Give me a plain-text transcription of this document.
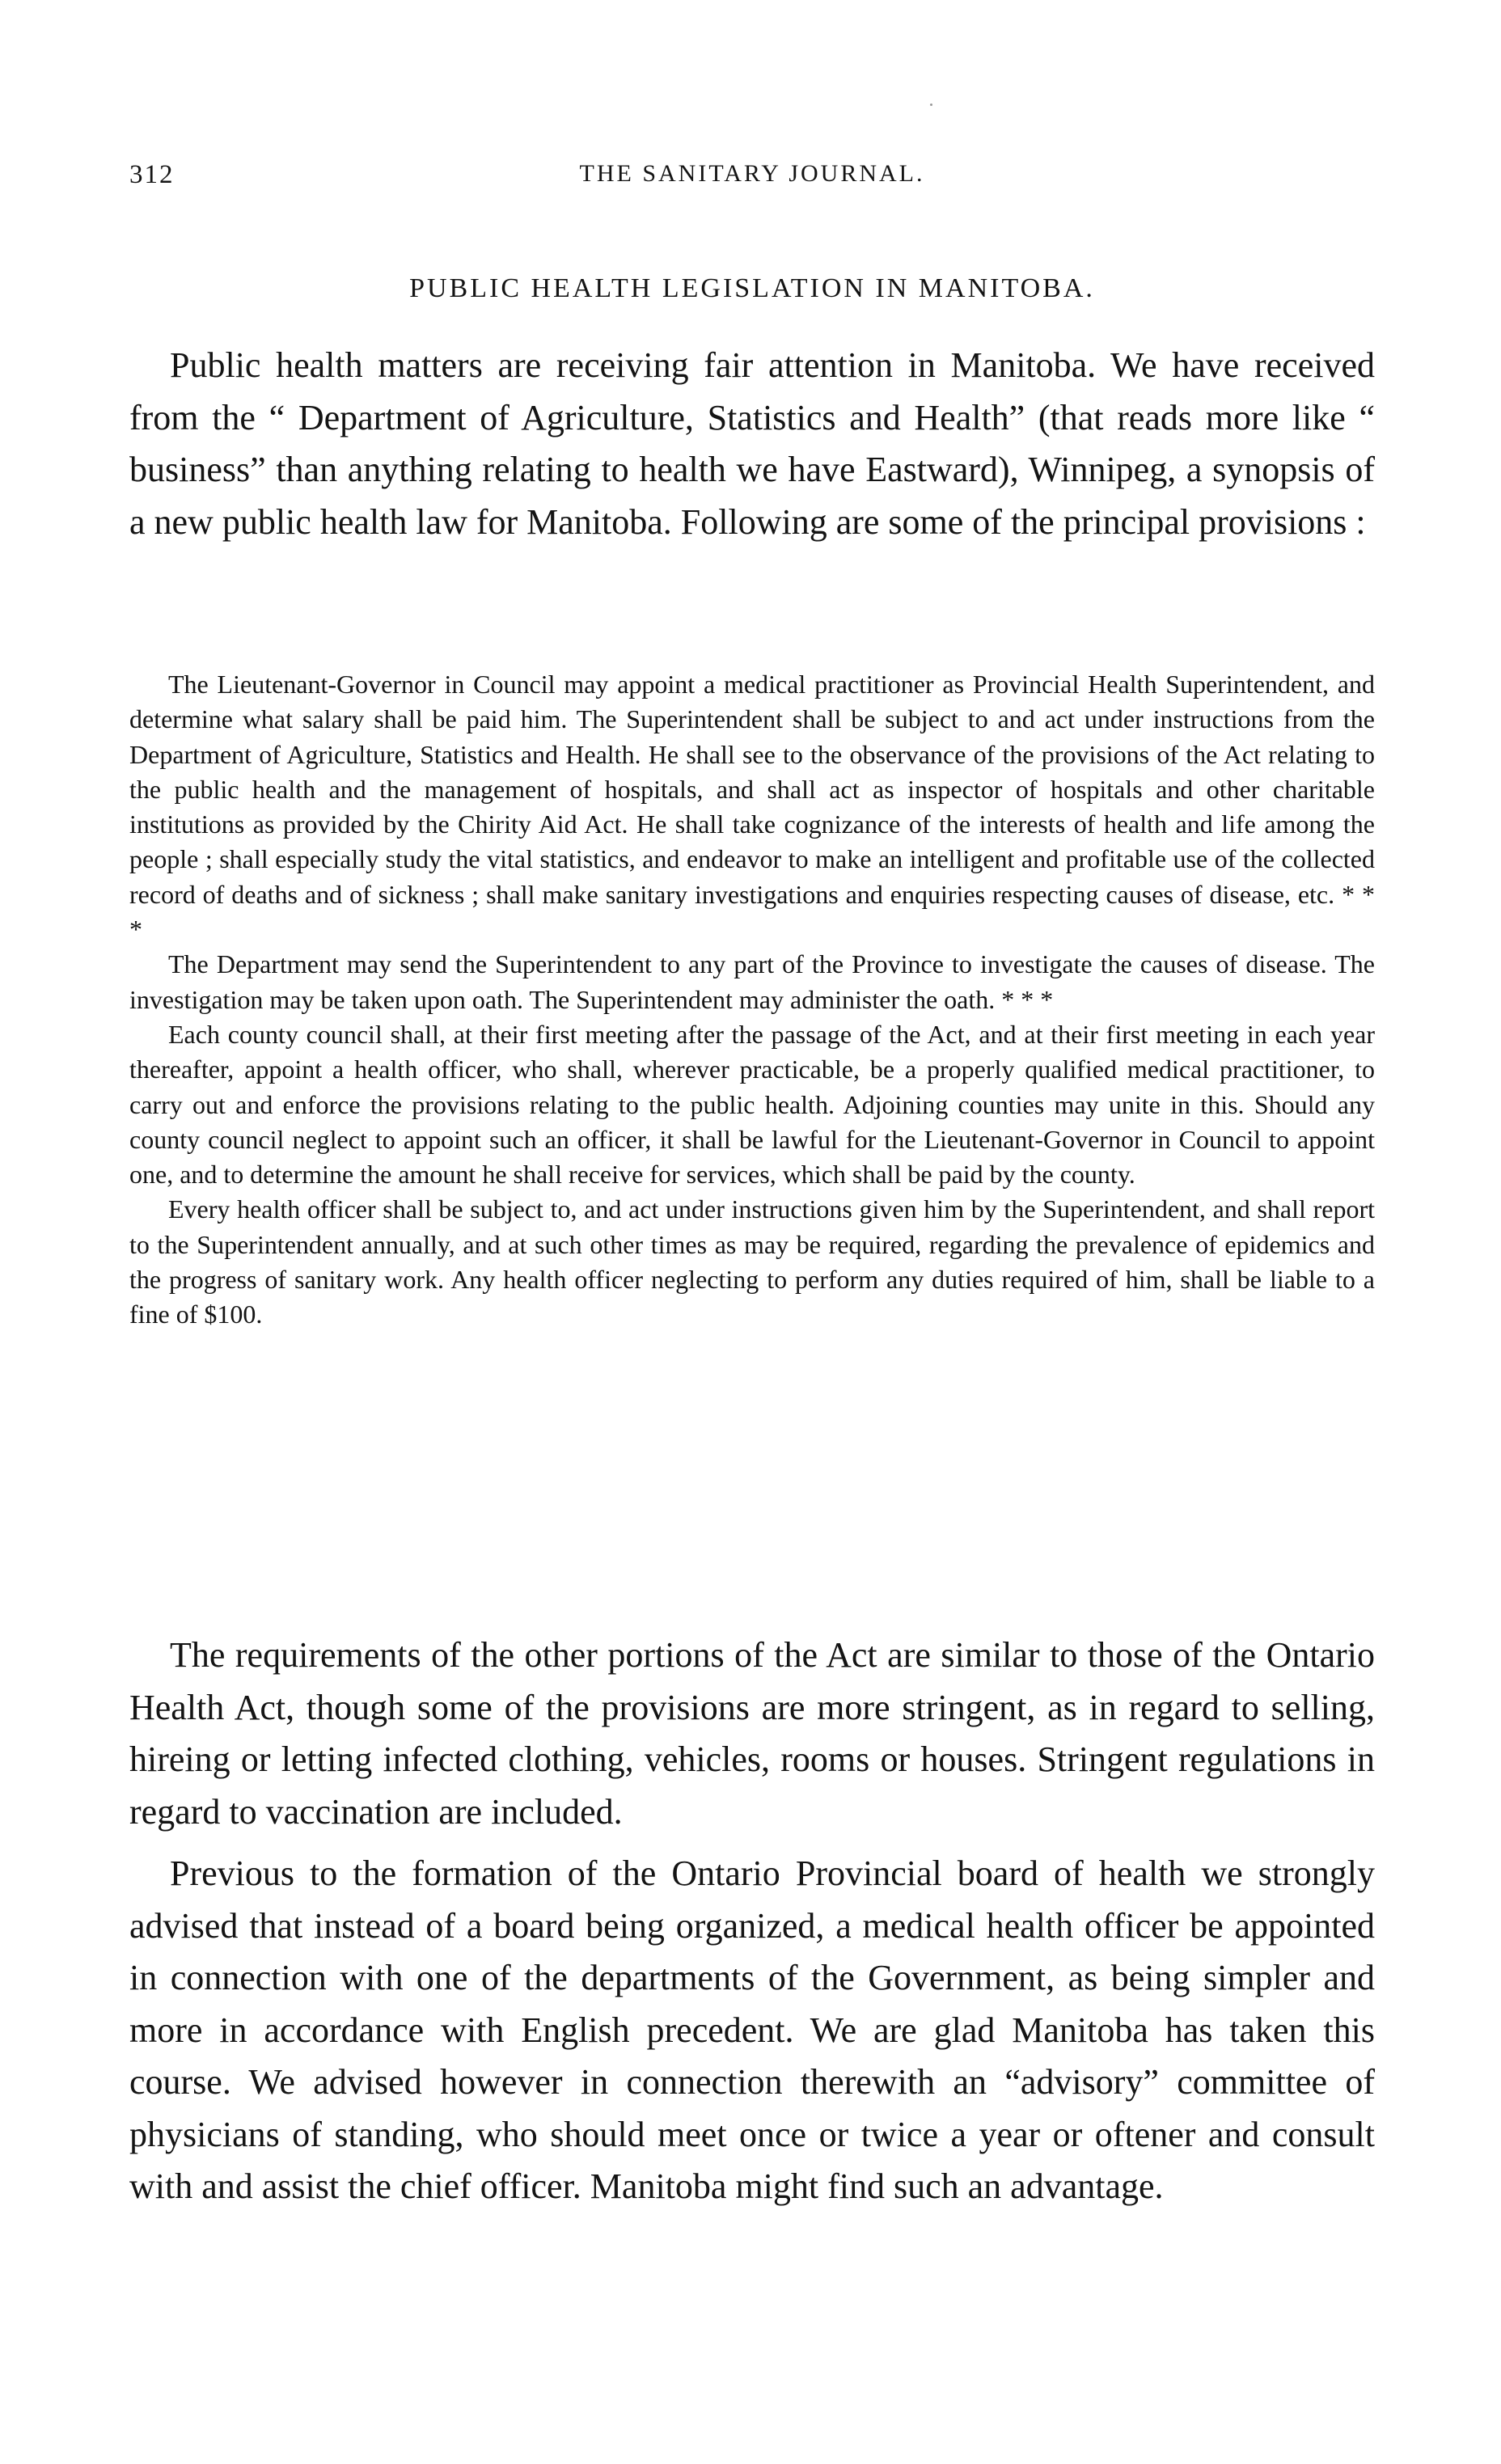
312	THE SANITARY JOURNAL.
PUBLIC HEALTH LEGISLATION IN MANITOBA.

Public health matters are receiving fair attention in Manitoba. We have received from the “ Department of Agriculture, Statistics and Health” (that reads more like “ business” than anything relating to health we have Eastward), Winnipeg, a synopsis of a new public health law for Manitoba. Following are some of the principal provisions :

The Lieutenant-Governor in Council may appoint a medical practitioner as Provincial Health Superintendent, and determine what salary shall be paid him. The Superintendent shall be subject to and act under instructions from the Department of Agriculture, Statistics and Health. He shall see to the observance of the provisions of the Act relating to the public health and the management of hospitals, and shall act as inspector of hospitals and other charitable institutions as provided by the Chirity Aid Act. He shall take cognizance of the interests of health and life among the people ; shall especially study the vital statistics, and endeavor to make an intelligent and profitable use of the collected record of deaths and of sickness ; shall make sanitary investigations and enquiries respecting causes of disease, etc. * * *

The Department may send the Superintendent to any part of the Province to investigate the causes of disease. The investigation may be taken upon oath. The Superintendent may administer the oath. * * *

Each county council shall, at their first meeting after the passage of the Act, and at their first meeting in each year thereafter, appoint a health officer, who shall, wherever practicable, be a properly qualified medical practitioner, to carry out and enforce the provisions relating to the public health. Adjoining counties may unite in this. Should any county council neglect to appoint such an officer, it shall be lawful for the Lieutenant-Governor in Council to appoint one, and to determine the amount he shall receive for services, which shall be paid by the county.

Every health officer shall be subject to, and act under instructions given him by the Superintendent, and shall report to the Superintendent annually, and at such other times as may be required, regarding the prevalence of epidemics and the progress of sanitary work. Any health officer neglecting to perform any duties required of him, shall be liable to a fine of $100.

The requirements of the other portions of the Act are similar to those of the Ontario Health Act, though some of the provisions are more stringent, as in regard to selling, hireing or letting infected clothing, vehicles, rooms or houses. Stringent regulations in regard to vaccination are included.

Previous to the formation of the Ontario Provincial board of health we strongly advised that instead of a board being organized, a medical health officer be appointed in connection with one of the departments of the Government, as being simpler and more in accordance with English precedent. We are glad Manitoba has taken this course. We advised however in connection therewith an “advisory” committee of physicians of standing, who should meet once or twice a year or oftener and consult with and assist the chief officer. Manitoba might find such an advantage.
